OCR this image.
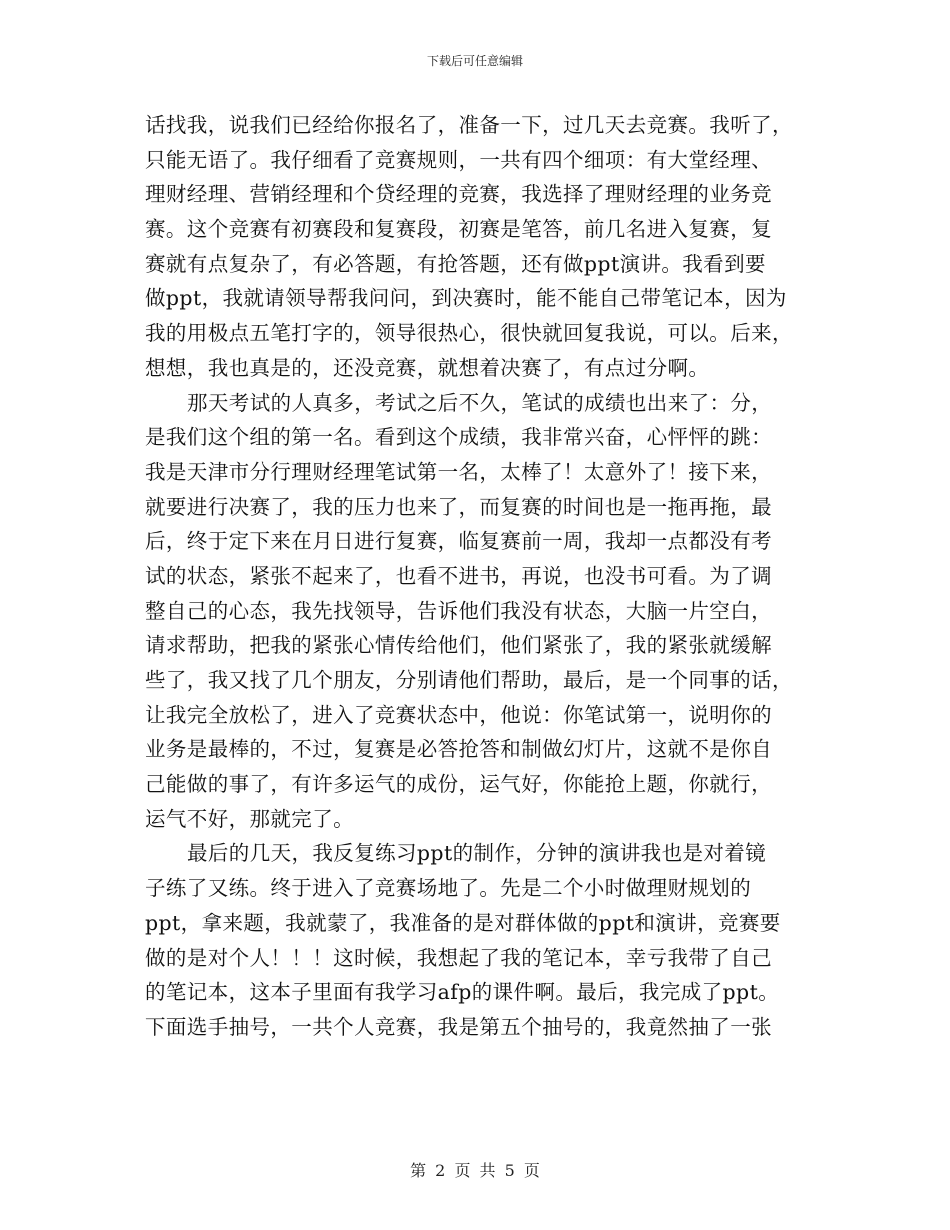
下载后可任意编辑
话找我，说我们已经给你报名了，准备一下，过几天去竞赛。我听了，
只能无语了。我仔细看了竞赛规则，一共有四个细项：有大堂经理、
理财经理、营销经理和个贷经理的竞赛，我选择了理财经理的业务竞
赛。这个竞赛有初赛段和复赛段，初赛是笔答，前几名进入复赛，复
赛就有点复杂了，有必答题，有抢答题，还有做ppt演讲。我看到要
做ppt，我就请领导帮我问问，到决赛时，能不能自己带笔记本，因为
我的用极点五笔打字的，领导很热心，很快就回复我说，可以。后来，
想想，我也真是的，还没竞赛，就想着决赛了，有点过分啊。
那天考试的人真多，考试之后不久，笔试的成绩也出来了：分，
是我们这个组的第一名。看到这个成绩，我非常兴奋，心怦怦的跳：
我是天津市分行理财经理笔试第一名，太棒了！太意外了！接下来，
就要进行决赛了，我的压力也来了，而复赛的时间也是一拖再拖，最
后，终于定下来在月日进行复赛，临复赛前一周，我却一点都没有考
试的状态，紧张不起来了，也看不进书，再说，也没书可看。为了调
整自己的心态，我先找领导，告诉他们我没有状态，大脑一片空白，
请求帮助，把我的紧张心情传给他们，他们紧张了，我的紧张就缓解
些了，我又找了几个朋友，分别请他们帮助，最后，是一个同事的话，
让我完全放松了，进入了竞赛状态中，他说：你笔试第一，说明你的
业务是最棒的，不过，复赛是必答抢答和制做幻灯片，这就不是你自
己能做的事了，有许多运气的成份，运气好，你能抢上题，你就行，
运气不好，那就完了。
最后的几天，我反复练习ppt的制作，分钟的演讲我也是对着镜
子练了又练。终于进入了竞赛场地了。先是二个小时做理财规划的
ppt，拿来题，我就蒙了，我准备的是对群体做的ppt和演讲，竞赛要
做的是对个人！！！这时候，我想起了我的笔记本，幸亏我带了自己
的笔记本，这本子里面有我学习afp的课件啊。最后，我完成了ppt。
下面选手抽号，一共个人竞赛，我是第五个抽号的，我竟然抽了一张
第 2 页 共 5 页
